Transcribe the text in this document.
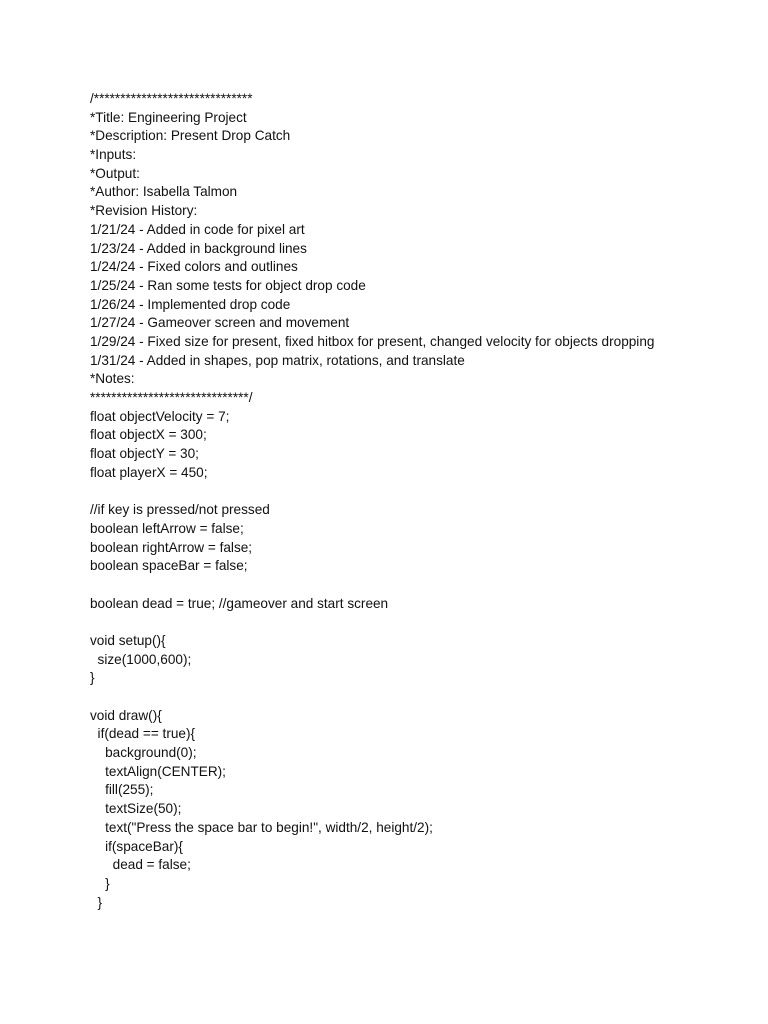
/******************************
*Title: Engineering Project
*Description: Present Drop Catch
*Inputs:
*Output:
*Author: Isabella Talmon
*Revision History:
1/21/24 - Added in code for pixel art
1/23/24 - Added in background lines
1/24/24 - Fixed colors and outlines
1/25/24 - Ran some tests for object drop code
1/26/24 - Implemented drop code
1/27/24 - Gameover screen and movement
1/29/24 - Fixed size for present, fixed hitbox for present, changed velocity for objects dropping
1/31/24 - Added in shapes, pop matrix, rotations, and translate
*Notes:
******************************/
float objectVelocity = 7;
float objectX = 300;
float objectY = 30;
float playerX = 450;
//if key is pressed/not pressed
boolean leftArrow = false;
boolean rightArrow = false;
boolean spaceBar = false;
boolean dead = true; //gameover and start screen
void setup(){
size(1000,600);
}
void draw(){
if(dead == true){
background(0);
textAlign(CENTER);
fill(255);
textSize(50);
text("Press the space bar to begin!", width/2, height/2);
if(spaceBar){
dead = false;
}
}
